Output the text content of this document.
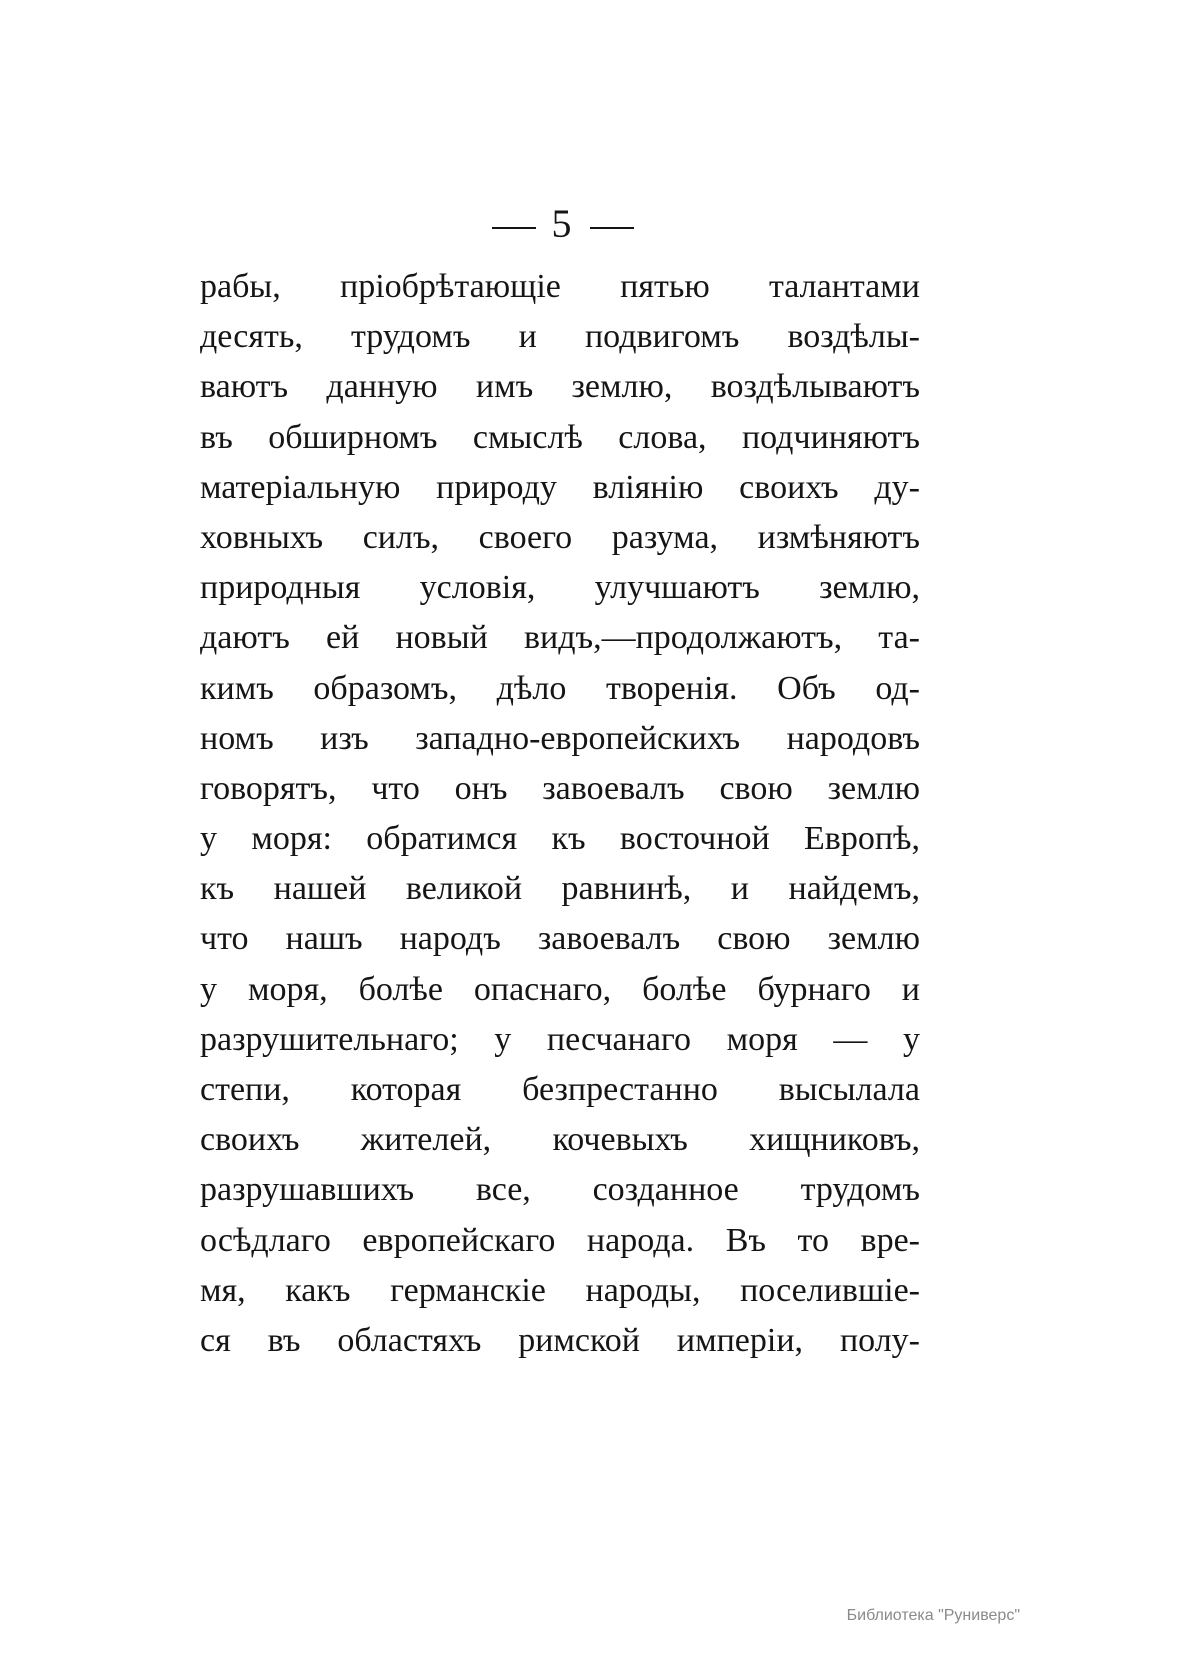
5
рабы, пріобрѣтающіе пятью талантами
десять, трудомъ и подвигомъ воздѣлы-
ваютъ данную имъ землю, воздѣлываютъ
въ обширномъ смыслѣ слова, подчиняютъ
матеріальную природу вліянію своихъ ду-
ховныхъ силъ, своего разума, измѣняютъ
природныя условія, улучшаютъ землю,
даютъ ей новый видъ,—продолжаютъ, та-
кимъ образомъ, дѣло творенія. Объ од-
номъ изъ западно-европейскихъ народовъ
говорятъ, что онъ завоевалъ свою землю
у моря: обратимся къ восточной Европѣ,
къ нашей великой равнинѣ, и найдемъ,
что нашъ народъ завоевалъ свою землю
у моря, болѣе опаснаго, болѣе бурнаго и
разрушительнаго; у песчанаго моря — у
степи, которая безпрестанно высылала
своихъ жителей, кочевыхъ хищниковъ,
разрушавшихъ все, созданное трудомъ
осѣдлаго европейскаго народа. Въ то вре-
мя, какъ германскіе народы, поселившіе-
ся въ областяхъ римской имперіи, полу-
Библиотека "Руниверс"
